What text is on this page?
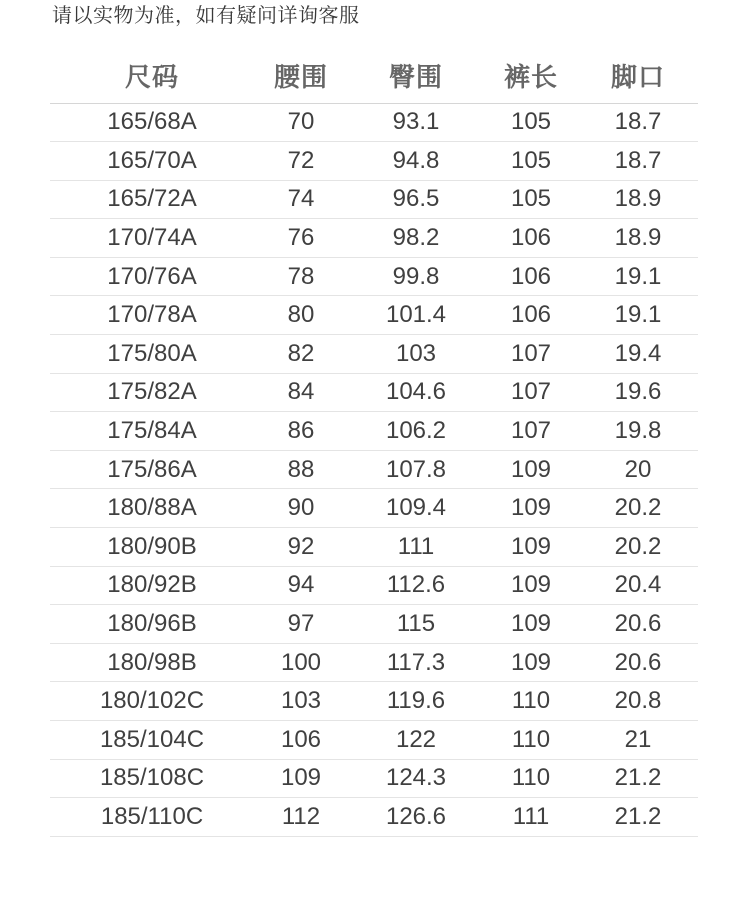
请以实物为准，如有疑问详询客服
尺码	腰围	臀围	裤长	脚口
165/68A	70	93.1	105	18.7
165/70A	72	94.8	105	18.7
165/72A	74	96.5	105	18.9
170/74A	76	98.2	106	18.9
170/76A	78	99.8	106	19.1
170/78A	80	101.4	106	19.1
175/80A	82	103	107	19.4
175/82A	84	104.6	107	19.6
175/84A	86	106.2	107	19.8
175/86A	88	107.8	109	20
180/88A	90	109.4	109	20.2
180/90B	92	111	109	20.2
180/92B	94	112.6	109	20.4
180/96B	97	115	109	20.6
180/98B	100	117.3	109	20.6
180/102C	103	119.6	110	20.8
185/104C	106	122	110	21
185/108C	109	124.3	110	21.2
185/110C	112	126.6	111	21.2
